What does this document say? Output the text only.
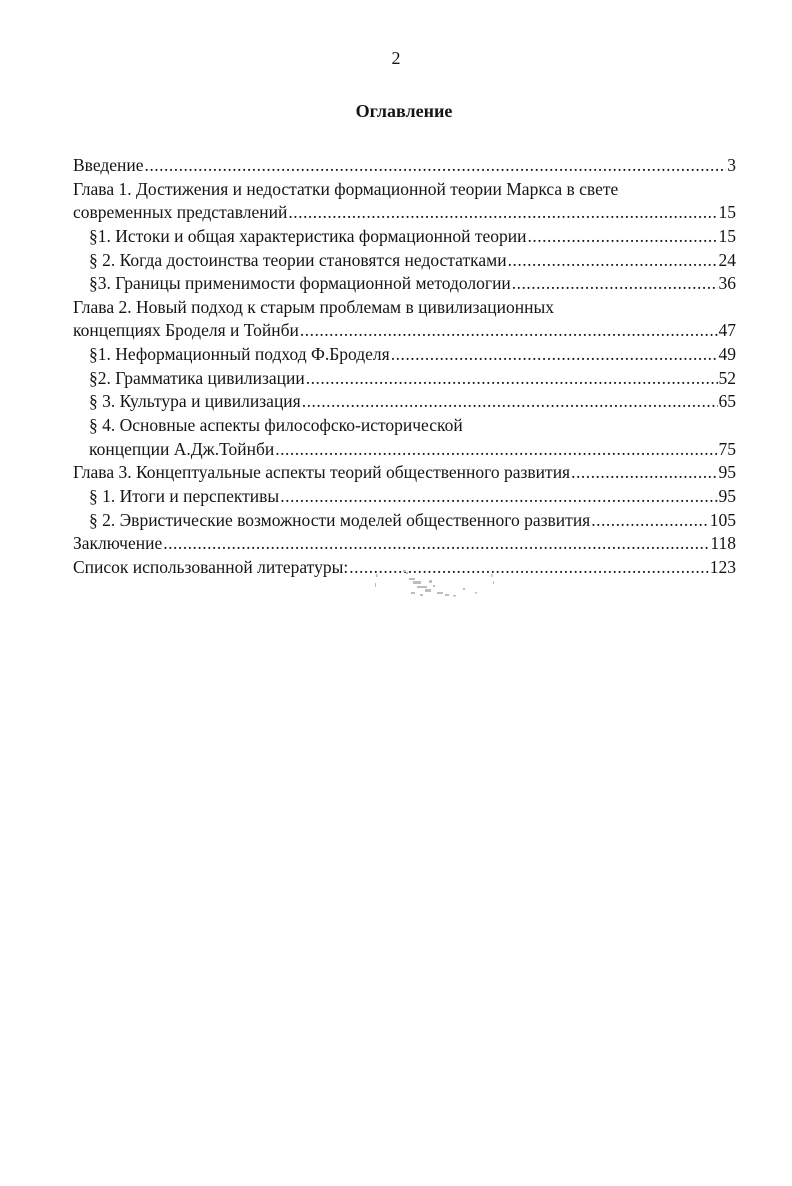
2
Оглавление
Введение .....	3
Глава 1. Достижения и недостатки формационной теории Маркса в свете
современных представлений .....	15
§1. Истоки и общая характеристика формационной теории .....	15
§ 2. Когда достоинства теории становятся недостатками .....	24
§3. Границы применимости формационной методологии .....	36
Глава 2. Новый подход к старым проблемам в цивилизационных
концепциях Броделя и Тойнби .....	47
§1. Неформационный подход Ф.Броделя .....	49
§2. Грамматика цивилизации .....	52
§ 3. Культура и цивилизация .....	65
§ 4. Основные аспекты философско-исторической
концепции А.Дж.Тойнби .....	75
Глава 3. Концептуальные аспекты теорий общественного развития .....	95
§ 1. Итоги и перспективы .....	95
§ 2. Эвристические возможности моделей общественного развития .....	105
Заключение .....	118
Список использованной литературы: .....	123
